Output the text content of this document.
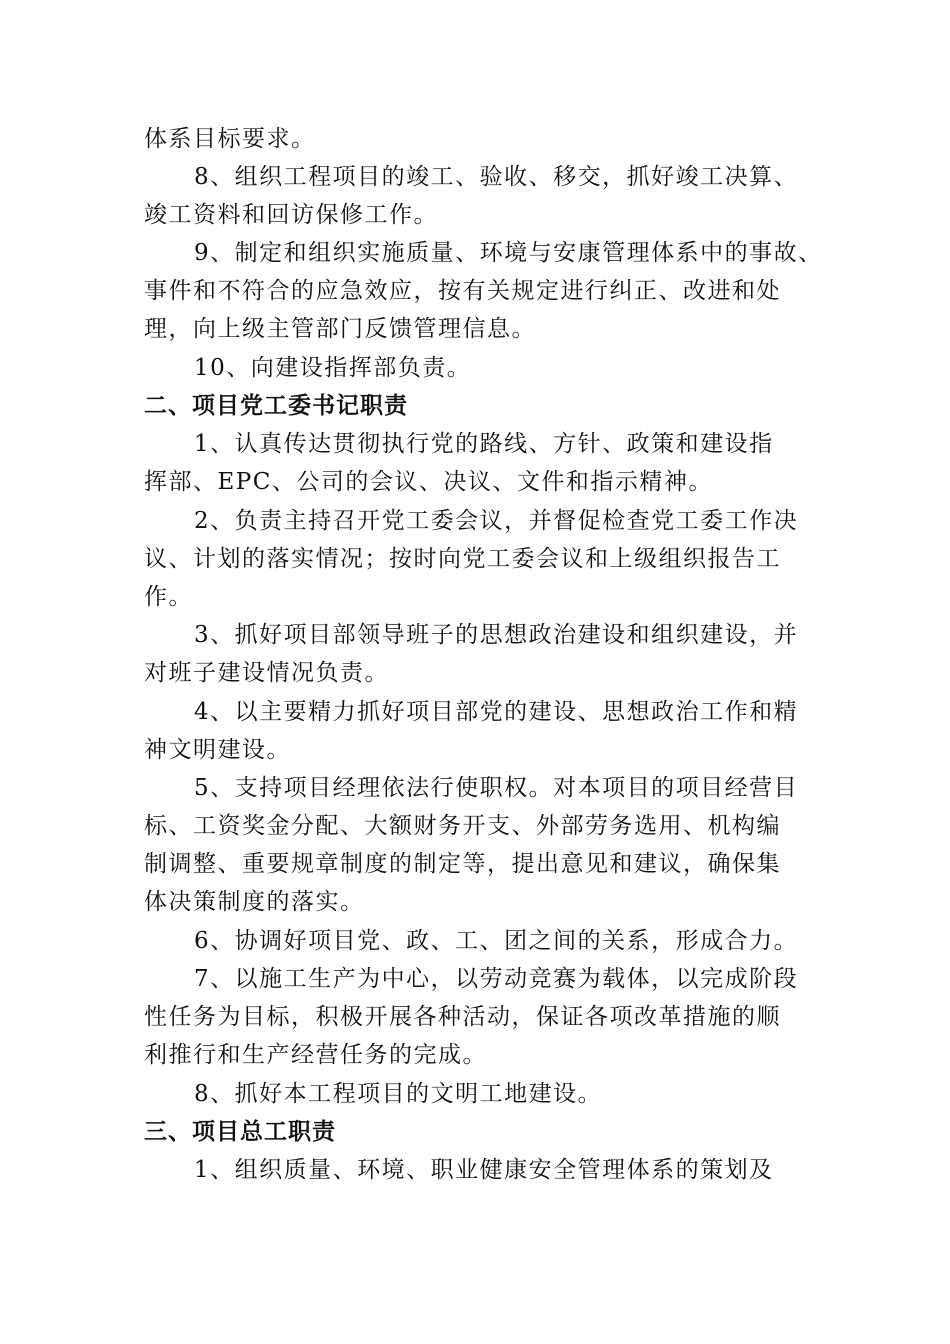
体系目标要求。
8、组织工程项目的竣工、验收、移交，抓好竣工决算、
竣工资料和回访保修工作。
9、制定和组织实施质量、环境与安康管理体系中的事故、
事件和不符合的应急效应，按有关规定进行纠正、改进和处
理，向上级主管部门反馈管理信息。
10、向建设指挥部负责。
二、项目党工委书记职责
1、认真传达贯彻执行党的路线、方针、政策和建设指
挥部、EPC、公司的会议、决议、文件和指示精神。
2、负责主持召开党工委会议，并督促检查党工委工作决
议、计划的落实情况；按时向党工委会议和上级组织报告工
作。
3、抓好项目部领导班子的思想政治建设和组织建设，并
对班子建设情况负责。
4、以主要精力抓好项目部党的建设、思想政治工作和精
神文明建设。
5、支持项目经理依法行使职权。对本项目的项目经营目
标、工资奖金分配、大额财务开支、外部劳务选用、机构编
制调整、重要规章制度的制定等，提出意见和建议，确保集
体决策制度的落实。
6、协调好项目党、政、工、团之间的关系，形成合力。
7、以施工生产为中心，以劳动竞赛为载体，以完成阶段
性任务为目标，积极开展各种活动，保证各项改革措施的顺
利推行和生产经营任务的完成。
8、抓好本工程项目的文明工地建设。
三、项目总工职责
1、组织质量、环境、职业健康安全管理体系的策划及
